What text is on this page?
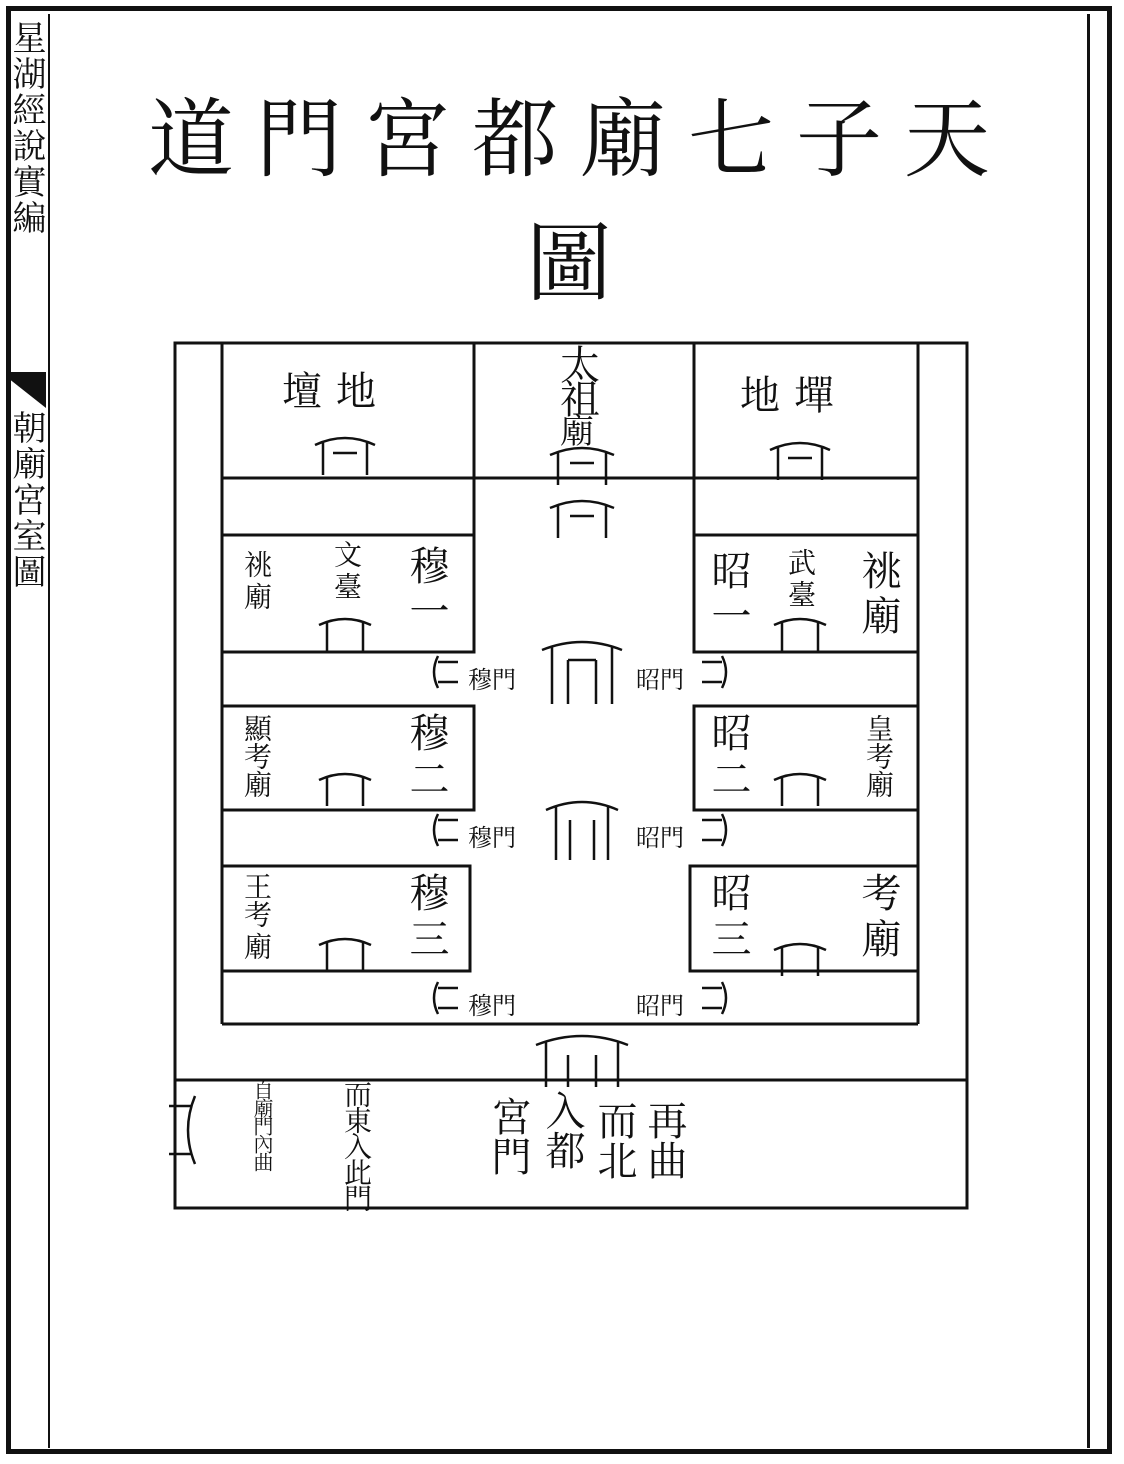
星湖經說實編
朝廟宮室圖
天子七廟都宮門道圖
地壇
太
祖
廟
墠地
祧
廟
文
臺
穆
一
昭
一
武
臺
祧
廟
顯考廟	穆
二
昭
二	皇考廟
王考
廟
穆
三
昭
三
考
廟
穆門	昭門
穆門	昭門
穆門	昭門
再曲
而北
入都
宮門
而東入此門
自廟門內曲
